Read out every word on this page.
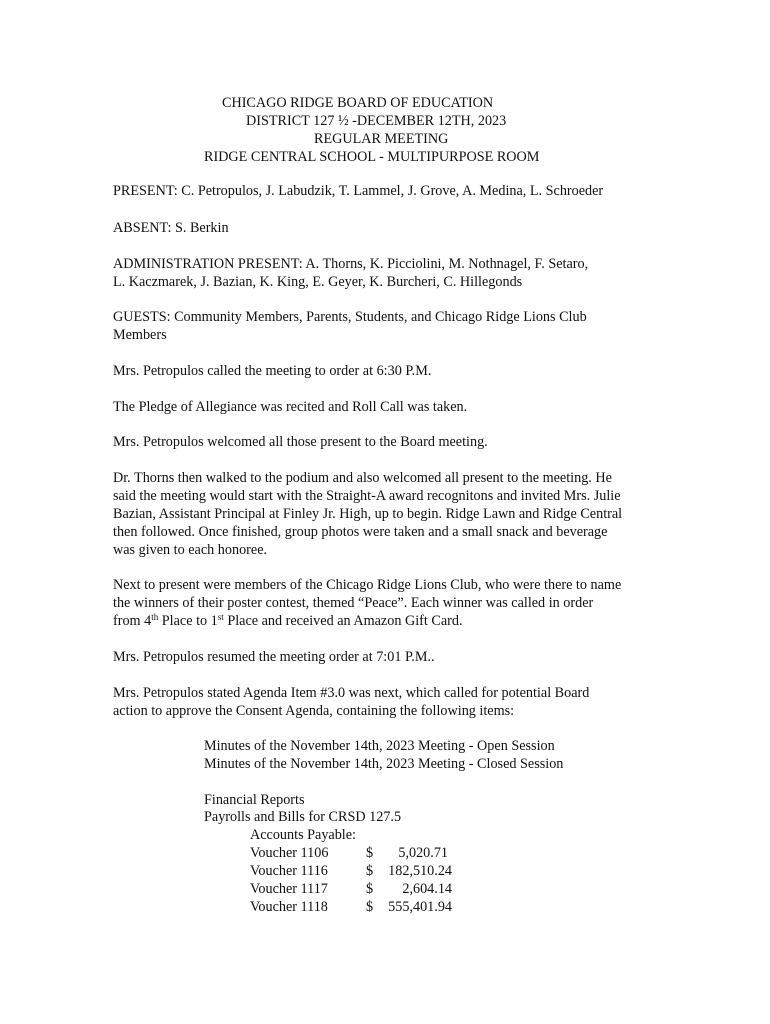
CHICAGO RIDGE BOARD OF EDUCATION
DISTRICT 127 ½ -DECEMBER 12TH, 2023
REGULAR MEETING
RIDGE CENTRAL SCHOOL - MULTIPURPOSE ROOM
PRESENT: C. Petropulos, J. Labudzik, T. Lammel, J. Grove, A. Medina, L. Schroeder
ABSENT: S. Berkin
ADMINISTRATION PRESENT: A. Thorns, K. Picciolini, M. Nothnagel, F. Setaro,
L. Kaczmarek, J. Bazian, K. King, E. Geyer, K. Burcheri, C. Hillegonds
GUESTS: Community Members, Parents, Students, and Chicago Ridge Lions Club
Members
Mrs. Petropulos called the meeting to order at 6:30 P.M.
The Pledge of Allegiance was recited and Roll Call was taken.
Mrs. Petropulos welcomed all those present to the Board meeting.
Dr. Thorns then walked to the podium and also welcomed all present to the meeting. He
said the meeting would start with the Straight-A award recognitons and invited Mrs. Julie
Bazian, Assistant Principal at Finley Jr. High, up to begin. Ridge Lawn and Ridge Central
then followed. Once finished, group photos were taken and a small snack and beverage
was given to each honoree.
Next to present were members of the Chicago Ridge Lions Club, who were there to name
the winners of their poster contest, themed “Peace”. Each winner was called in order
from 4th Place to 1st Place and received an Amazon Gift Card.
Mrs. Petropulos resumed the meeting order at 7:01 P.M..
Mrs. Petropulos stated Agenda Item #3.0 was next, which called for potential Board
action to approve the Consent Agenda, containing the following items:
Minutes of the November 14th, 2023 Meeting - Open Session
Minutes of the November 14th, 2023 Meeting - Closed Session
Financial Reports
Payrolls and Bills for CRSD 127.5
Accounts Payable:
Voucher 1106	$ 5,020.71
Voucher 1116	$ 182,510.24
Voucher 1117	$ 2,604.14
Voucher 1118	$ 555,401.94
